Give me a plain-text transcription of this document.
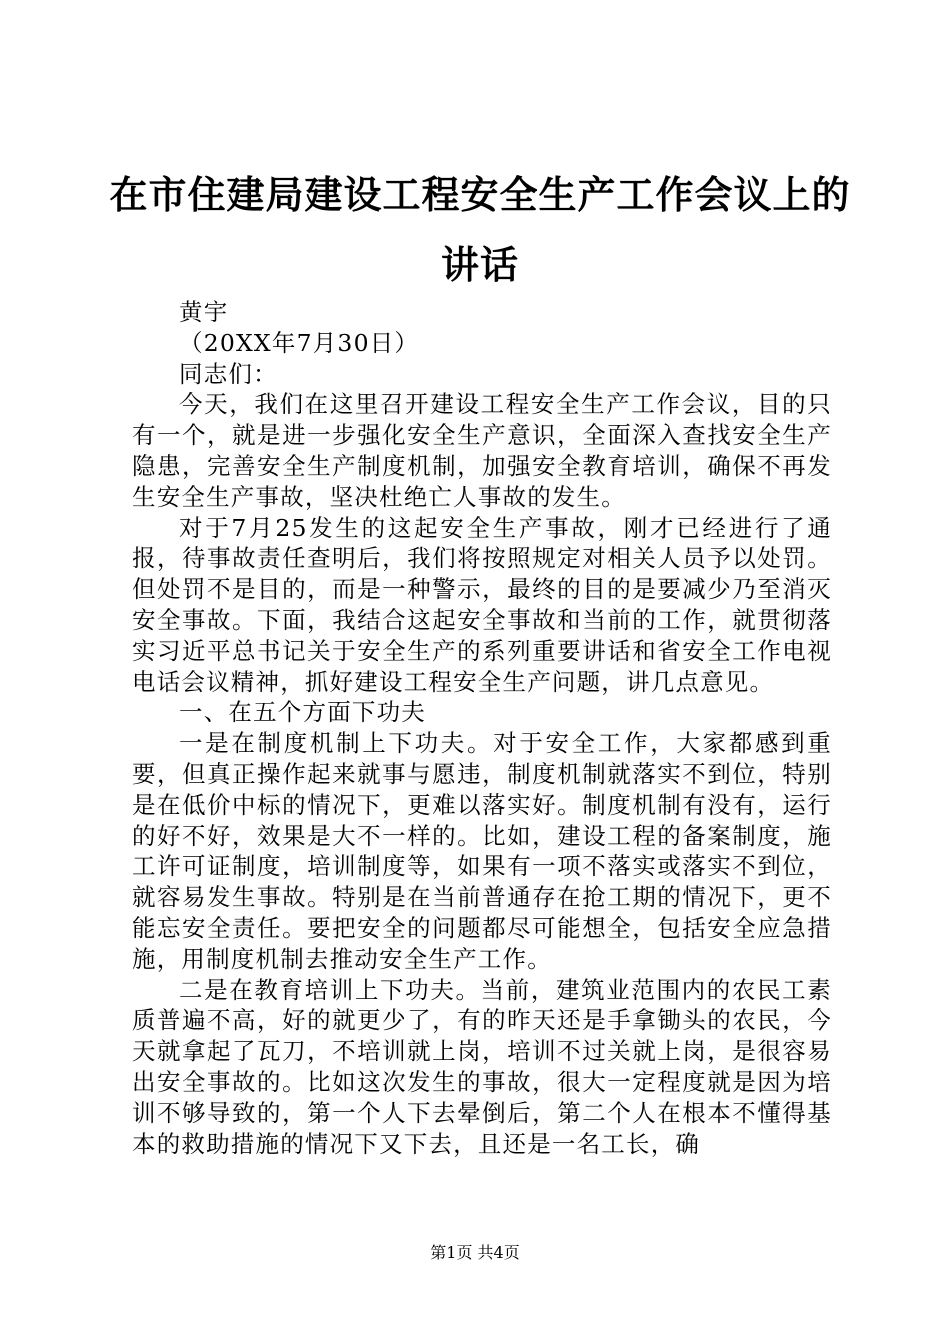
在市住建局建设工程安全生产工作会议上的讲话

黄宇

（20XX年7月30日）

同志们：

今天，我们在这里召开建设工程安全生产工作会议，目的只有一个，就是进一步强化安全生产意识，全面深入查找安全生产隐患，完善安全生产制度机制，加强安全教育培训，确保不再发生安全生产事故，坚决杜绝亡人事故的发生。

对于7月25发生的这起安全生产事故，刚才已经进行了通报，待事故责任查明后，我们将按照规定对相关人员予以处罚。但处罚不是目的，而是一种警示，最终的目的是要减少乃至消灭安全事故。下面，我结合这起安全事故和当前的工作，就贯彻落实习近平总书记关于安全生产的系列重要讲话和省安全工作电视电话会议精神，抓好建设工程安全生产问题，讲几点意见。

一、在五个方面下功夫

一是在制度机制上下功夫。对于安全工作，大家都感到重要，但真正操作起来就事与愿违，制度机制就落实不到位，特别是在低价中标的情况下，更难以落实好。制度机制有没有，运行的好不好，效果是大不一样的。比如，建设工程的备案制度，施工许可证制度，培训制度等，如果有一项不落实或落实不到位，就容易发生事故。特别是在当前普通存在抢工期的情况下，更不能忘安全责任。要把安全的问题都尽可能想全，包括安全应急措施，用制度机制去推动安全生产工作。

二是在教育培训上下功夫。当前，建筑业范围内的农民工素质普遍不高，好的就更少了，有的昨天还是手拿锄头的农民，今天就拿起了瓦刀，不培训就上岗，培训不过关就上岗，是很容易出安全事故的。比如这次发生的事故，很大一定程度就是因为培训不够导致的，第一个人下去晕倒后，第二个人在根本不懂得基本的救助措施的情况下又下去，且还是一名工长，确

第1页 共4页
